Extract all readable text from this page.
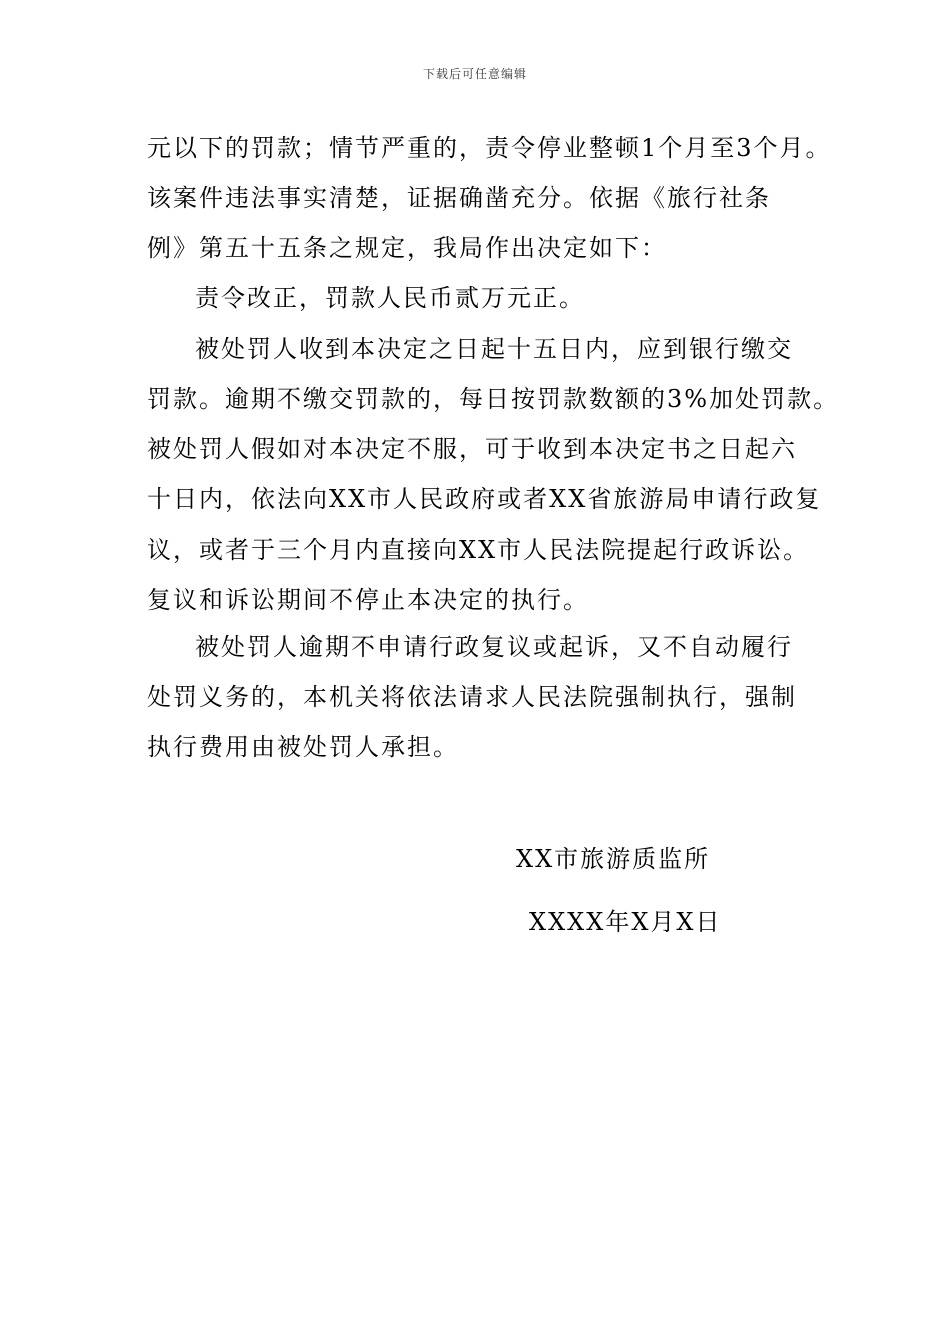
下载后可任意编辑
元以下的罚款；情节严重的，责令停业整顿1个月至3个月。
该案件违法事实清楚，证据确凿充分。依据《旅行社条
例》第五十五条之规定，我局作出决定如下：
责令改正，罚款人民币贰万元正。
被处罚人收到本决定之日起十五日内，应到银行缴交
罚款。逾期不缴交罚款的，每日按罚款数额的3%加处罚款。
被处罚人假如对本决定不服，可于收到本决定书之日起六
十日内，依法向XX市人民政府或者XX省旅游局申请行政复
议，或者于三个月内直接向XX市人民法院提起行政诉讼。
复议和诉讼期间不停止本决定的执行。
被处罚人逾期不申请行政复议或起诉，又不自动履行
处罚义务的，本机关将依法请求人民法院强制执行，强制
执行费用由被处罚人承担。
XX市旅游质监所
XXXX年X月X日
